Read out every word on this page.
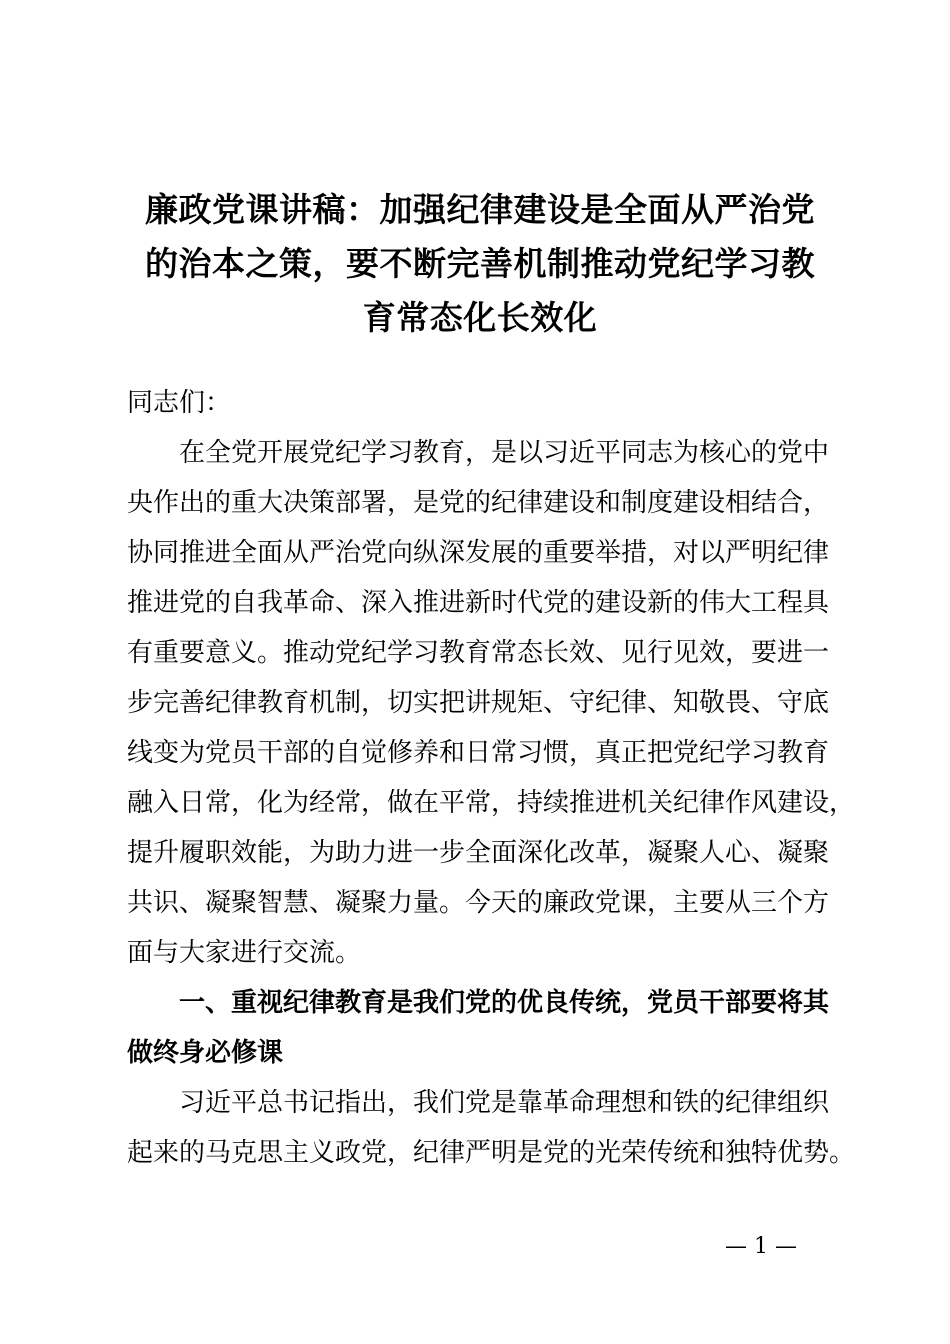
廉政党课讲稿：加强纪律建设是全面从严治党
的治本之策，要不断完善机制推动党纪学习教
育常态化长效化
同志们：
在全党开展党纪学习教育，是以习近平同志为核心的党中
央作出的重大决策部署，是党的纪律建设和制度建设相结合，
协同推进全面从严治党向纵深发展的重要举措，对以严明纪律
推进党的自我革命、深入推进新时代党的建设新的伟大工程具
有重要意义。推动党纪学习教育常态长效、见行见效，要进一
步完善纪律教育机制，切实把讲规矩、守纪律、知敬畏、守底
线变为党员干部的自觉修养和日常习惯，真正把党纪学习教育
融入日常，化为经常，做在平常，持续推进机关纪律作风建设，
提升履职效能，为助力进一步全面深化改革，凝聚人心、凝聚
共识、凝聚智慧、凝聚力量。今天的廉政党课，主要从三个方
面与大家进行交流。
一、重视纪律教育是我们党的优良传统，党员干部要将其
做终身必修课
习近平总书记指出，我们党是靠革命理想和铁的纪律组织
起来的马克思主义政党，纪律严明是党的光荣传统和独特优势。
— 1 —
